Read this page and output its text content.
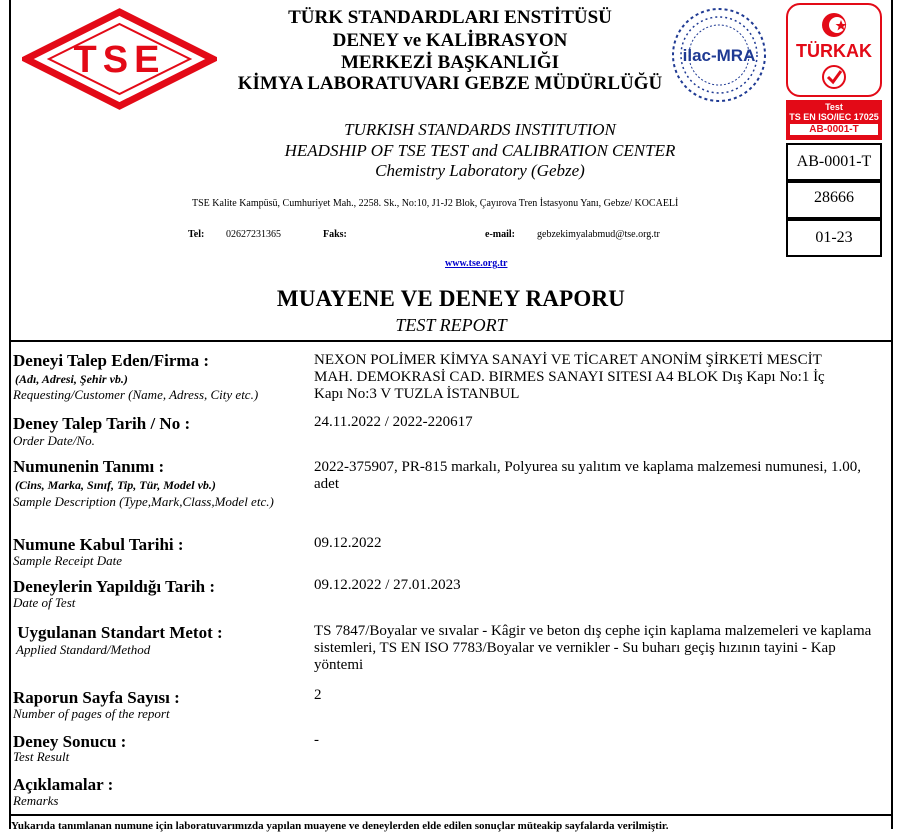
TSE
TÜRK STANDARDLARI ENSTİTÜSÜ
DENEY ve KALİBRASYON
MERKEZİ BAŞKANLIĞI
KİMYA LABORATUVARI GEBZE MÜDÜRLÜĞÜ
ilac-MRA TÜRKAK
Test
TS EN ISO/IEC 17025
AB-0001-T
TURKISH STANDARDS INSTITUTION
HEADSHIP OF TSE TEST and CALIBRATION CENTER
Chemistry Laboratory (Gebze)	AB-0001-T
28666
01-23
TSE Kalite Kampüsü, Cumhuriyet Mah., 2258. Sk., No:10, J1-J2 Blok, Çayırova Tren İstasyonu Yanı, Gebze/ KOCAELİ
Tel: 02627231365	Faks:	e-mail: gebzekimyalabmud@tse.org.tr
www.tse.org.tr
MUAYENE VE DENEY RAPORU
TEST REPORT
Deneyi Talep Eden/Firma :
(Adı, Adresi, Şehir vb.)
Requesting/Customer (Name, Adress, City etc.)
NEXON POLİMER KİMYA SANAYİ VE TİCARET ANONİM ŞİRKETİ MESCİT MAH. DEMOKRASİ CAD. BIRMES SANAYI SITESI A4 BLOK Dış Kapı No:1 İç Kapı No:3 V TUZLA İSTANBUL
Deney Talep Tarih / No :
Order Date/No.
24.11.2022 / 2022-220617
Numunenin Tanımı :
(Cins, Marka, Sınıf, Tip, Tür, Model vb.)
Sample Description (Type,Mark,Class,Model etc.)
2022-375907, PR-815 markalı, Polyurea su yalıtım ve kaplama malzemesi numunesi, 1.00, adet
Numune Kabul Tarihi :
Sample Receipt Date
09.12.2022
Deneylerin Yapıldığı Tarih :
Date of Test
09.12.2022 / 27.01.2023
Uygulanan Standart Metot :
Applied Standard/Method
TS 7847/Boyalar ve sıvalar - Kâgir ve beton dış cephe için kaplama malzemeleri ve kaplama sistemleri, TS EN ISO 7783/Boyalar ve vernikler - Su buharı geçiş hızının tayini - Kap yöntemi
Raporun Sayfa Sayısı :
Number of pages of the report
2
Deney Sonucu :
Test Result
-
Açıklamalar :
Remarks
Yukarıda tanımlanan numune için laboratuvarımızda yapılan muayene ve deneylerden elde edilen sonuçlar müteakip sayfalarda verilmiştir.
